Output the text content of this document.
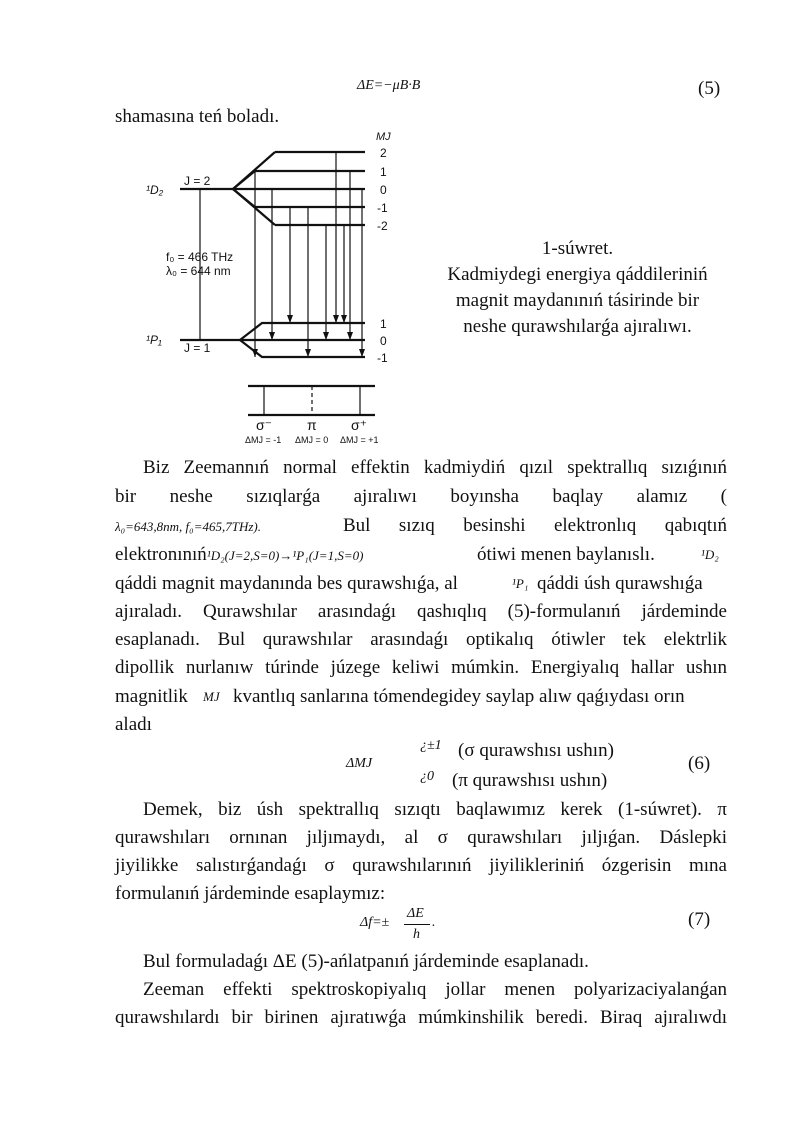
ΔE=−μB·B	(5)
shamasına teń boladı.
MJ
2
1
0
-1
-2
1
0
-1
¹D₂
J = 2
¹P₁
J = 1
f₀ = 466 THz
λ₀ = 644 nm
σ⁻ π σ⁺
ΔMJ = -1 ΔMJ = 0 ΔMJ = +1
1-súwret.
Kadmiydegi energiya qáddileriniń
magnit maydanınıń tásirinde bir
neshe qurawshılarǵa ajıralıwı.
Biz Zeemannıń normal effektin kadmiydiń qızıl spektrallıq sızıǵınıń
bir neshe sızıqlarǵa ajıralıwı boyınsha baqlay alamız (
λ₀=643,8nm, f₀=465,7THz).	Bul sızıq besinshi elektronlıq qabıqtıń
elektronınıń¹D₂(J=2,S=0)→¹P₁(J=1,S=0)	ótiwi menen baylanıslı.	¹D₂
qáddi magnit maydanında bes qurawshıǵa, al	¹P₁ qáddi úsh qurawshıǵa
ajıraladı. Qurawshılar arasındaǵı qashıqlıq (5)-formulanıń járdeminde
esaplanadı. Bul qurawshılar arasındaǵı optikalıq ótiwler tek elektrlik
dipollik nurlanıw túrinde júzege keliwi múmkin. Energiyalıq hallar ushın
magnitlik MJ kvantlıq sanlarına tómendegidey saylap alıw qaǵıydası orın
aladı
ΔMJ
¿±1 (σ qurawshısı ushın)
¿0 (π qurawshısı ushın)
(6)
Demek, biz úsh spektrallıq sızıqtı baqlawımız kerek (1-súwret). π
qurawshıları ornınan jıljımaydı, al σ qurawshıları jıljıǵan. Dáslepki
jiyilikke salıstırǵandaǵı σ qurawshılarınıń jiyilikleriniń ózgerisin mına
formulanıń járdeminde esaplaymız:
Δf=±
ΔE
h
.	(7)
Bul formuladaǵı ΔE (5)-ańlatpanıń járdeminde esaplanadı.
Zeeman effekti spektroskopiyalıq jollar menen polyarizaciyalanǵan
qurawshılardı bir birinen ajıratıwǵa múmkinshilik beredi. Biraq ajıralıwdı
